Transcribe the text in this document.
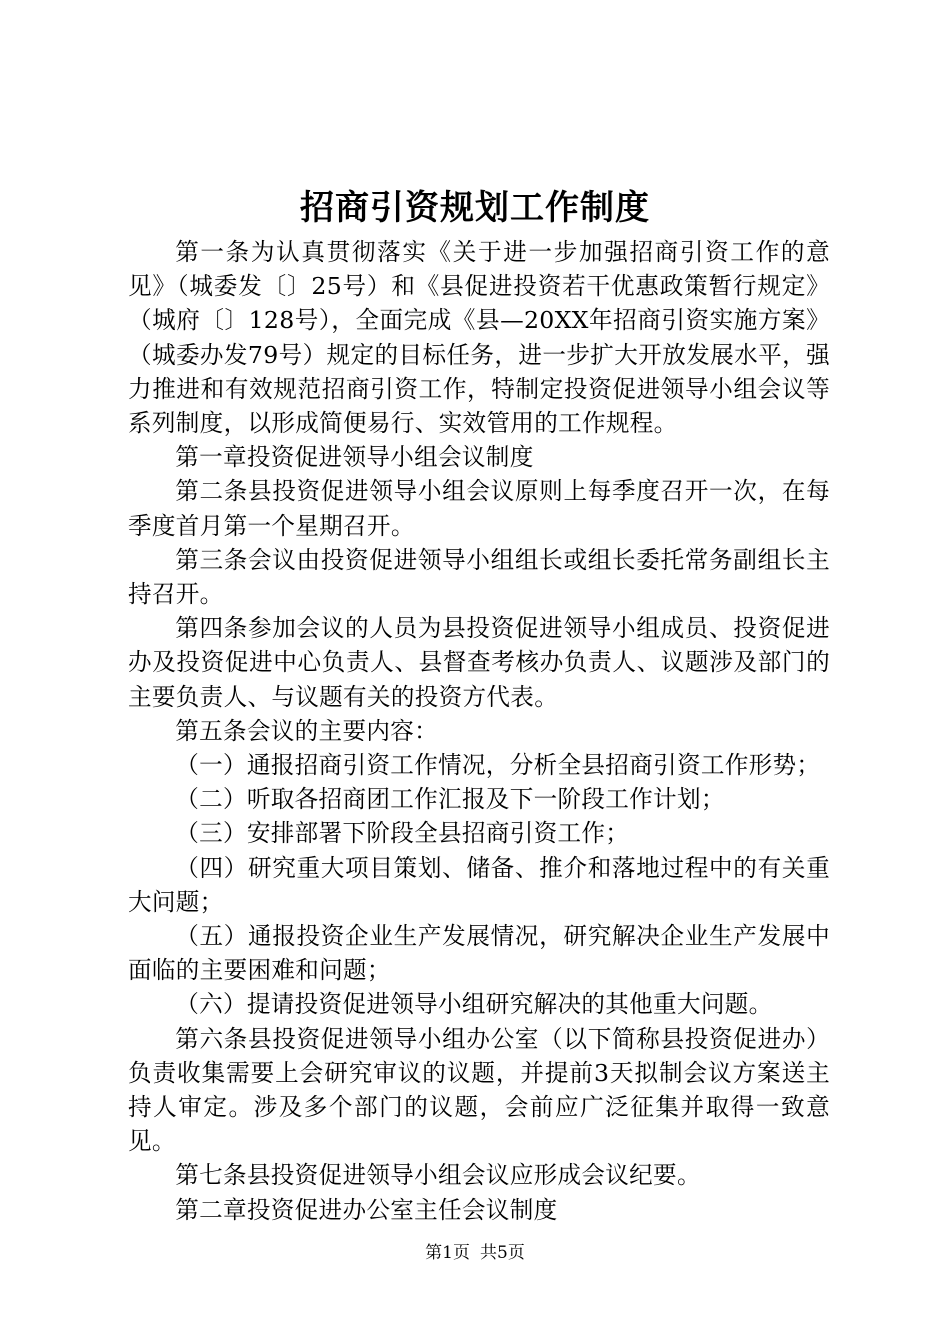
招商引资规划工作制度

第一条为认真贯彻落实《关于进一步加强招商引资工作的意见》（城委发〔〕25号）和《县促进投资若干优惠政策暂行规定》（城府〔〕128号），全面完成《县—20XX年招商引资实施方案》（城委办发79号）规定的目标任务，进一步扩大开放发展水平，强力推进和有效规范招商引资工作，特制定投资促进领导小组会议等系列制度，以形成简便易行、实效管用的工作规程。

第一章投资促进领导小组会议制度

第二条县投资促进领导小组会议原则上每季度召开一次，在每季度首月第一个星期召开。

第三条会议由投资促进领导小组组长或组长委托常务副组长主持召开。

第四条参加会议的人员为县投资促进领导小组成员、投资促进办及投资促进中心负责人、县督查考核办负责人、议题涉及部门的主要负责人、与议题有关的投资方代表。

第五条会议的主要内容：

（一）通报招商引资工作情况，分析全县招商引资工作形势；

（二）听取各招商团工作汇报及下一阶段工作计划；

（三）安排部署下阶段全县招商引资工作；

（四）研究重大项目策划、储备、推介和落地过程中的有关重大问题；

（五）通报投资企业生产发展情况，研究解决企业生产发展中面临的主要困难和问题；

（六）提请投资促进领导小组研究解决的其他重大问题。

第六条县投资促进领导小组办公室（以下简称县投资促进办）负责收集需要上会研究审议的议题，并提前3天拟制会议方案送主持人审定。涉及多个部门的议题，会前应广泛征集并取得一致意见。

第七条县投资促进领导小组会议应形成会议纪要。

第二章投资促进办公室主任会议制度

第1页 共5页
